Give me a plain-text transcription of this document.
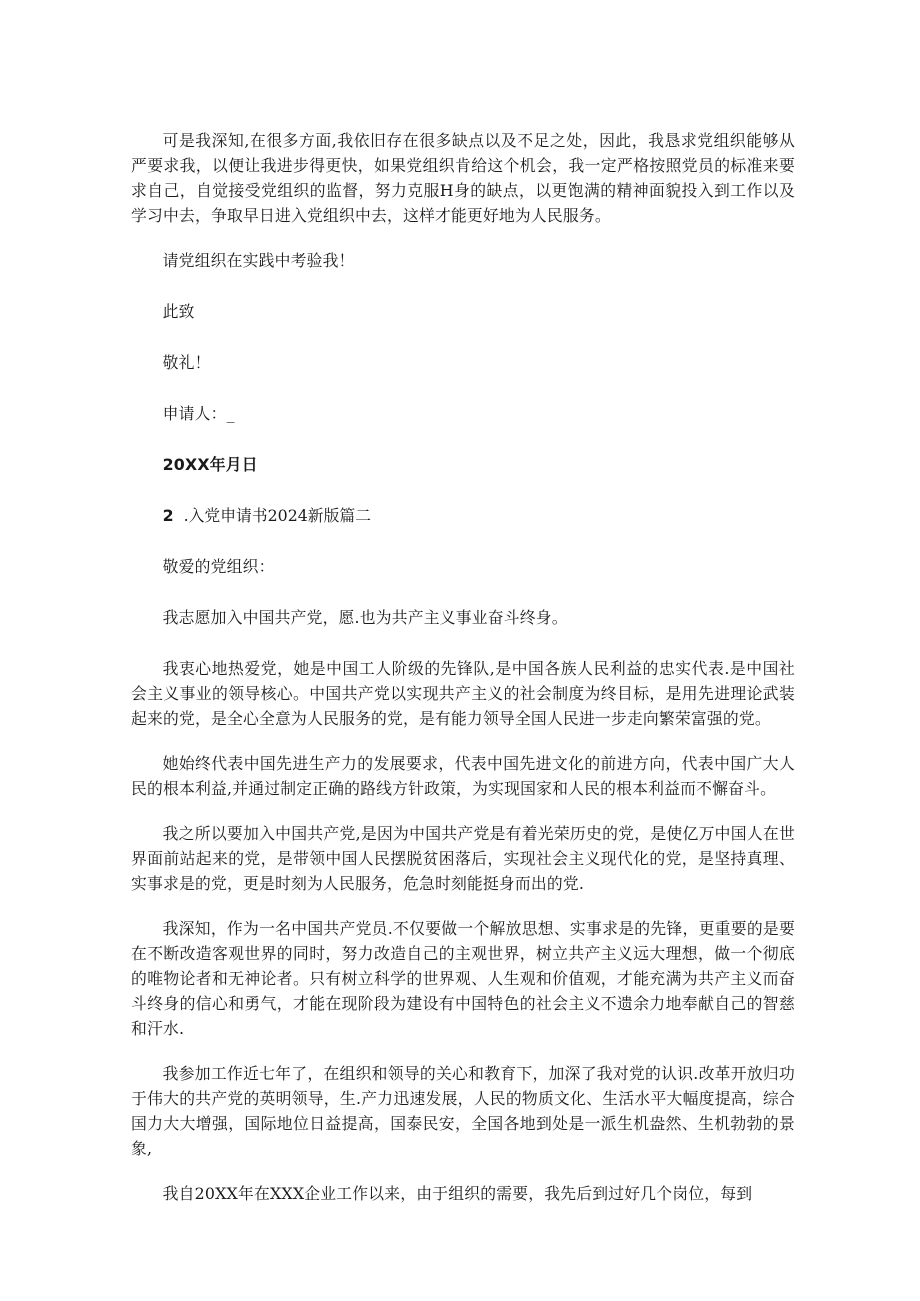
可是我深知,在很多方面,我依旧存在很多缺点以及不足之处，因此，我恳求党组织能够从严要求我，以便让我进步得更快，如果党组织肯给这个机会，我一定严格按照党员的标准来要求自己，自觉接受党组织的监督，努力克服H身的缺点，以更饱满的精神面貌投入到工作以及学习中去，争取早日进入党组织中去，这样才能更好地为人民服务。

请党组织在实践中考验我！

此致

敬礼！

申请人：_

20XX年月日

2 .入党申请书2024新版篇二

敬爱的党组织：

我志愿加入中国共产党，愿.也为共产主义事业奋斗终身。

我衷心地热爱党，她是中国工人阶级的先锋队,是中国各族人民利益的忠实代表.是中国社会主义事业的领导核心。中国共产党以实现共产主义的社会制度为终目标，是用先进理论武装起来的党，是全心全意为人民服务的党，是有能力领导全国人民进一步走向繁荣富强的党。

她始终代表中国先进生产力的发展要求，代表中国先进文化的前进方向，代表中国广大人民的根本利益,并通过制定正确的路线方针政策，为实现国家和人民的根本利益而不懈奋斗。

我之所以要加入中国共产党,是因为中国共产党是有着光荣历史的党，是使亿万中国人在世界面前站起来的党，是带领中国人民摆脱贫困落后，实现社会主义现代化的党，是坚持真理、实事求是的党，更是时刻为人民服务，危急时刻能挺身而出的党.

我深知，作为一名中国共产党员.不仅要做一个解放思想、实事求是的先锋，更重要的是要在不断改造客观世界的同时，努力改造自己的主观世界，树立共产主义远大理想，做一个彻底的唯物论者和无神论者。只有树立科学的世界观、人生观和价值观，才能充满为共产主义而奋斗终身的信心和勇气，才能在现阶段为建设有中国特色的社会主义不遗余力地奉献自己的智慈和汗水.

我参加工作近七年了，在组织和领导的关心和教育下，加深了我对党的认识.改革开放归功于伟大的共产党的英明领导，生.产力迅速发展，人民的物质文化、生活水平大幅度提高，综合国力大大增强，国际地位日益提高，国泰民安，全国各地到处是一派生机盎然、生机勃勃的景象,

我自20XX年在XXX企业工作以来，由于组织的需要，我先后到过好几个岗位，每到
